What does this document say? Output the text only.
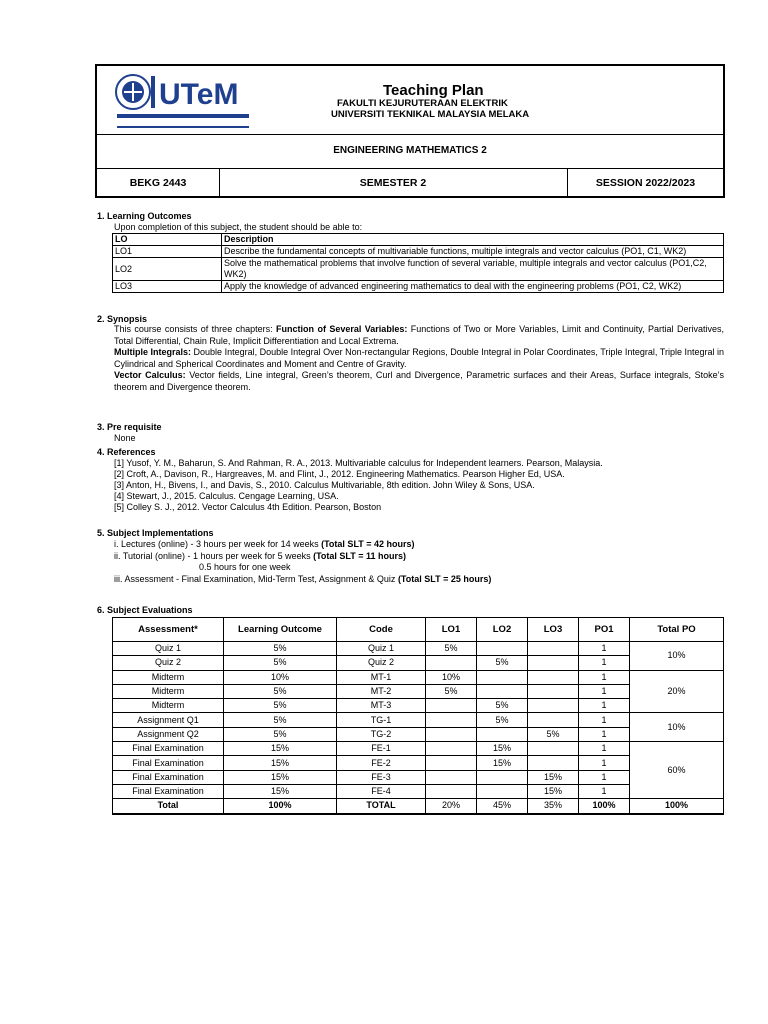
UTeM	Teaching Plan
FAKULTI KEJURUTERAAN ELEKTRIK
UNIVERSITI TEKNIKAL MALAYSIA MELAKA
ENGINEERING MATHEMATICS 2
BEKG 2443	SEMESTER 2	SESSION 2022/2023
1. Learning Outcomes
Upon completion of this subject, the student should be able to:
LO	Description
LO1	Describe the fundamental concepts of multivariable functions, multiple integrals and vector calculus (PO1, C1, WK2)
LO2	Solve the mathematical problems that involve function of several variable, multiple integrals and vector calculus (PO1,C2, WK2)
LO3	Apply the knowledge of advanced engineering mathematics to deal with the engineering problems (PO1, C2, WK2)
2. Synopsis
This course consists of three chapters: Function of Several Variables: Functions of Two or More Variables, Limit and Continuity, Partial Derivatives, Total Differential, Chain Rule, Implicit Differentiation and Local Extrema.
Multiple Integrals: Double Integral, Double Integral Over Non-rectangular Regions, Double Integral in Polar Coordinates, Triple Integral, Triple Integral in Cylindrical and Spherical Coordinates and Moment and Centre of Gravity.
Vector Calculus: Vector fields, Line integral, Green’s theorem, Curl and Divergence, Parametric surfaces and their Areas, Surface integrals, Stoke’s theorem and Divergence theorem.
3. Pre requisite
None
4. References
[1] Yusof, Y. M., Baharun, S. And Rahman, R. A., 2013. Multivariable calculus for Independent learners. Pearson, Malaysia.
[2] Croft, A., Davison, R., Hargreaves, M. and Flint, J., 2012. Engineering Mathematics. Pearson Higher Ed, USA.
[3] Anton, H., Bivens, I., and Davis, S., 2010. Calculus Multivariable, 8th edition. John Wiley & Sons, USA.
[4] Stewart, J., 2015. Calculus. Cengage Learning, USA.
[5] Colley S. J., 2012. Vector Calculus 4th Edition. Pearson, Boston
5. Subject Implementations
i. Lectures (online) - 3 hours per week for 14 weeks (Total SLT = 42 hours)
ii. Tutorial (online) - 1 hours per week for 5 weeks (Total SLT = 11 hours)
0.5 hours for one week
iii. Assessment - Final Examination, Mid-Term Test, Assignment & Quiz (Total SLT = 25 hours)
6. Subject Evaluations
Assessment*	Learning Outcome	Code	LO1	LO2	LO3	PO1	Total PO
Quiz 1	5%	Quiz 1	5%			1	10%
Quiz 2	5%	Quiz 2		5%		1	
Midterm	10%	MT-1	10%			1	20%
Midterm	5%	MT-2	5%			1	
Midterm	5%	MT-3		5%		1	
Assignment Q1	5%	TG-1		5%		1	10%
Assignment Q2	5%	TG-2			5%	1	
Final Examination	15%	FE-1		15%		1	60%
Final Examination	15%	FE-2		15%		1	
Final Examination	15%	FE-3			15%	1	
Final Examination	15%	FE-4			15%	1	
Total	100%	TOTAL	20%	45%	35%	100%	100%
